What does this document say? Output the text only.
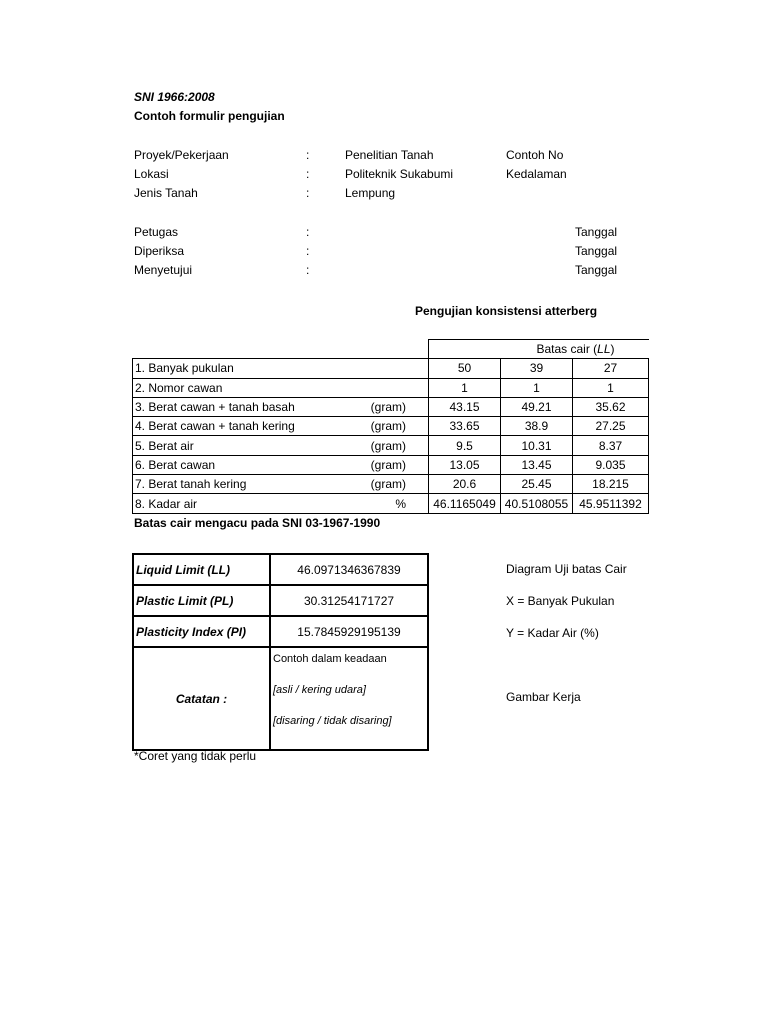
SNI 1966:2008
Contoh formulir pengujian
Proyek/Pekerjaan	:	Penelitian Tanah	Contoh No
Lokasi	:	Politeknik Sukabumi	Kedalaman
Jenis Tanah	:	Lempung
Petugas	:	Tanggal
Diperiksa	:	Tanggal
Menyetujui	:	Tanggal
Pengujian konsistensi atterberg
		Batas cair (LL)		
1. Banyak pukulan		50	39	27
2. Nomor cawan		1	1	1
3. Berat cawan + tanah basah	(gram)	43.15	49.21	35.62
4. Berat cawan + tanah kering	(gram)	33.65	38.9	27.25
5. Berat air	(gram)	9.5	10.31	8.37
6. Berat cawan	(gram)	13.05	13.45	9.035
7. Berat tanah kering	(gram)	20.6	25.45	18.215
8. Kadar air	%	46.1165049	40.5108055	45.9511392
Batas cair mengacu pada SNI 03-1967-1990
Liquid Limit (LL)	46.0971346367839
Plastic Limit (PL)	30.31254171727
Plasticity Index (PI)	15.7845929195139
Catatan :	Contoh dalam keadaan
[asli / kering udara]
[disaring / tidak disaring]
*Coret yang tidak perlu
Diagram Uji batas Cair
X = Banyak Pukulan
Y = Kadar Air (%)
Gambar Kerja
